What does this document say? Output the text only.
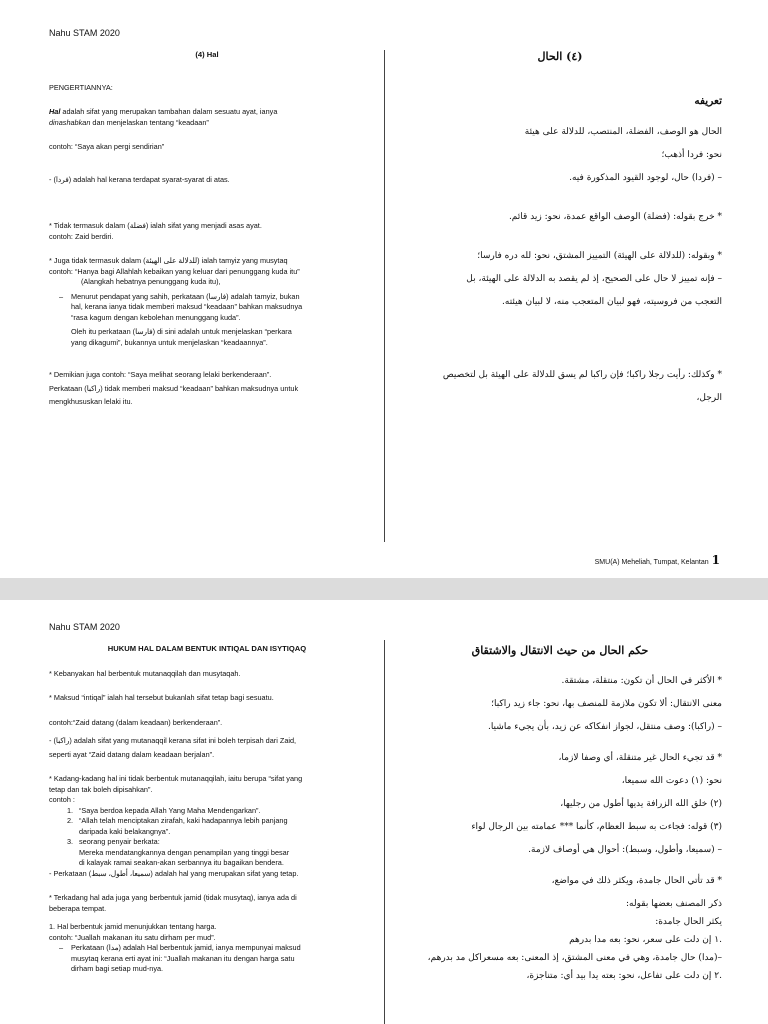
Nahu STAM 2020
(4) Hal
PENGERTIANNYA:
Hal adalah sifat yang merupakan tambahan dalam sesuatu ayat, ianya
dinashabkan dan menjelaskan tentang “keadaan”
contoh: “Saya akan pergi sendirian”
- (فردا) adalah hal kerana terdapat syarat-syarat di atas.
* Tidak termasuk dalam (فضلة) ialah sifat yang menjadi asas ayat.
contoh: Zaid berdiri.
* Juga tidak termasuk dalam (للدلالة على الهيئة) ialah tamyiz yang musytaq
contoh: “Hanya bagi Allahlah kebaikan yang keluar dari penunggang kuda itu”
(Alangkah hebatnya penunggang kuda itu),
– Menurut pendapat yang sahih, perkataan (فارسا) adalah tamyiz, bukan
hal, kerana ianya tidak memberi maksud “keadaan” bahkan maksudnya
“rasa kagum dengan kebolehan menunggang kuda”.
Oleh itu perkataan (فارسا) di sini adalah untuk menjelaskan “perkara
yang dikagumi”, bukannya untuk menjelaskan “keadaannya”.
* Demikian juga contoh: “Saya melihat seorang lelaki berkenderaan”.
Perkataan (راكبا) tidak memberi maksud “keadaan” bahkan maksudnya untuk
mengkhususkan lelaki itu.
(٤) الحال
تعريفه
الحال هو الوصف، الفضلة، المنتصب، للدلالة على هيئة
نحو: فردا أذهب؛
– (فردا) حال، لوجود القيود المذكورة فيه.
* خرج بقوله: (فضلة) الوصف الواقع عمدة، نحو: زيد قائم.
* وبقوله: (للدلالة على الهيئة) التمييز المشتق، نحو: لله دره فارسا؛
– فإنه تمييز لا حال على الصحيح، إذ لم يقصد به الدلالة على الهيئة، بل
التعجب من فروسيته، فهو لبيان المتعجب منه، لا لبيان هيئته.
* وكذلك: رأيت رجلا راكبا؛ فإن راكبا لم يسق للدلالة على الهيئة بل لتخصيص
الرجل،
SMU(A) Meheliah, Tumpat, Kelantan 1
Nahu STAM 2020
HUKUM HAL DALAM BENTUK INTIQAL DAN ISYTIQAQ
* Kebanyakan hal berbentuk mutanaqqilah dan musytaqah.
* Maksud “intiqal” ialah hal tersebut bukanlah sifat tetap bagi sesuatu.
contoh:“Zaid datang (dalam keadaan) berkenderaan”.
- (راكبا) adalah sifat yang mutanaqqil kerana sifat ini boleh terpisah dari Zaid,
seperti ayat “Zaid datang dalam keadaan berjalan”.
* Kadang-kadang hal ini tidak berbentuk mutanaqqilah, iaitu berupa “sifat yang
tetap dan tak boleh dipisahkan”.
contoh :
1. “Saya berdoa kepada Allah Yang Maha Mendengarkan”.
2. “Allah telah menciptakan zirafah, kaki hadapannya lebih panjang
daripada kaki belakangnya”.
3. seorang penyair berkata:
Mereka mendatangkannya dengan penampilan yang tinggi besar
di kalayak ramai seakan-akan serbannya itu bagaikan bendera.
- Perkataan (سميعا، أطول، سبط) adalah hal yang merupakan sifat yang tetap.
* Terkadang hal ada juga yang berbentuk jamid (tidak musytaq), ianya ada di
beberapa tempat.
1. Hal berbentuk jamid menunjukkan tentang harga.
contoh: “Juallah makanan itu satu dirham per mud”.
– Perkataan (مدا) adalah Hal berbentuk jamid, ianya mempunyai maksud
musytaq kerana erti ayat ini: “Juallah makanan itu dengan harga satu
dirham bagi setiap mud-nya.
حكم الحال من حيث الانتقال والاشتقاق
* الأكثر في الحال أن تكون: منتقلة، مشتقة.
معنى الانتقال: ألا تكون ملازمة للمنصف بها، نحو: جاء زيد راكبا؛
– (راكبا): وصف منتقل، لجواز انفكاكه عن زيد، بأن يجيء ماشيا.
* قد تجيء الحال غير متنقلة، أي وصفا لازما،
نحو: (١) دعوت الله سميعا،
(٢) خلق الله الزرافة يديها أطول من رجليها،
(٣) قوله: فجاءت به سبط العظام، كأنما *** عمامته بين الرجال لواء
– (سميعا، وأطول، وسبط): أحوال هي أوصاف لازمة.
* قد تأتي الحال جامدة، ويكثر ذلك في مواضع،
ذكر المصنف بعضها بقوله:
يكثر الحال جامدة:
.١ إن دلت على سعر، نحو: بعه مدا بدرهم
–(مدا) حال جامدة، وهي في معنى المشتق، إذ المعنى: بعه مسعراكل مد بدرهم،
.٢ إن دلت على تفاعل، نحو: بعته يدا بيد أي: متناجزة،
